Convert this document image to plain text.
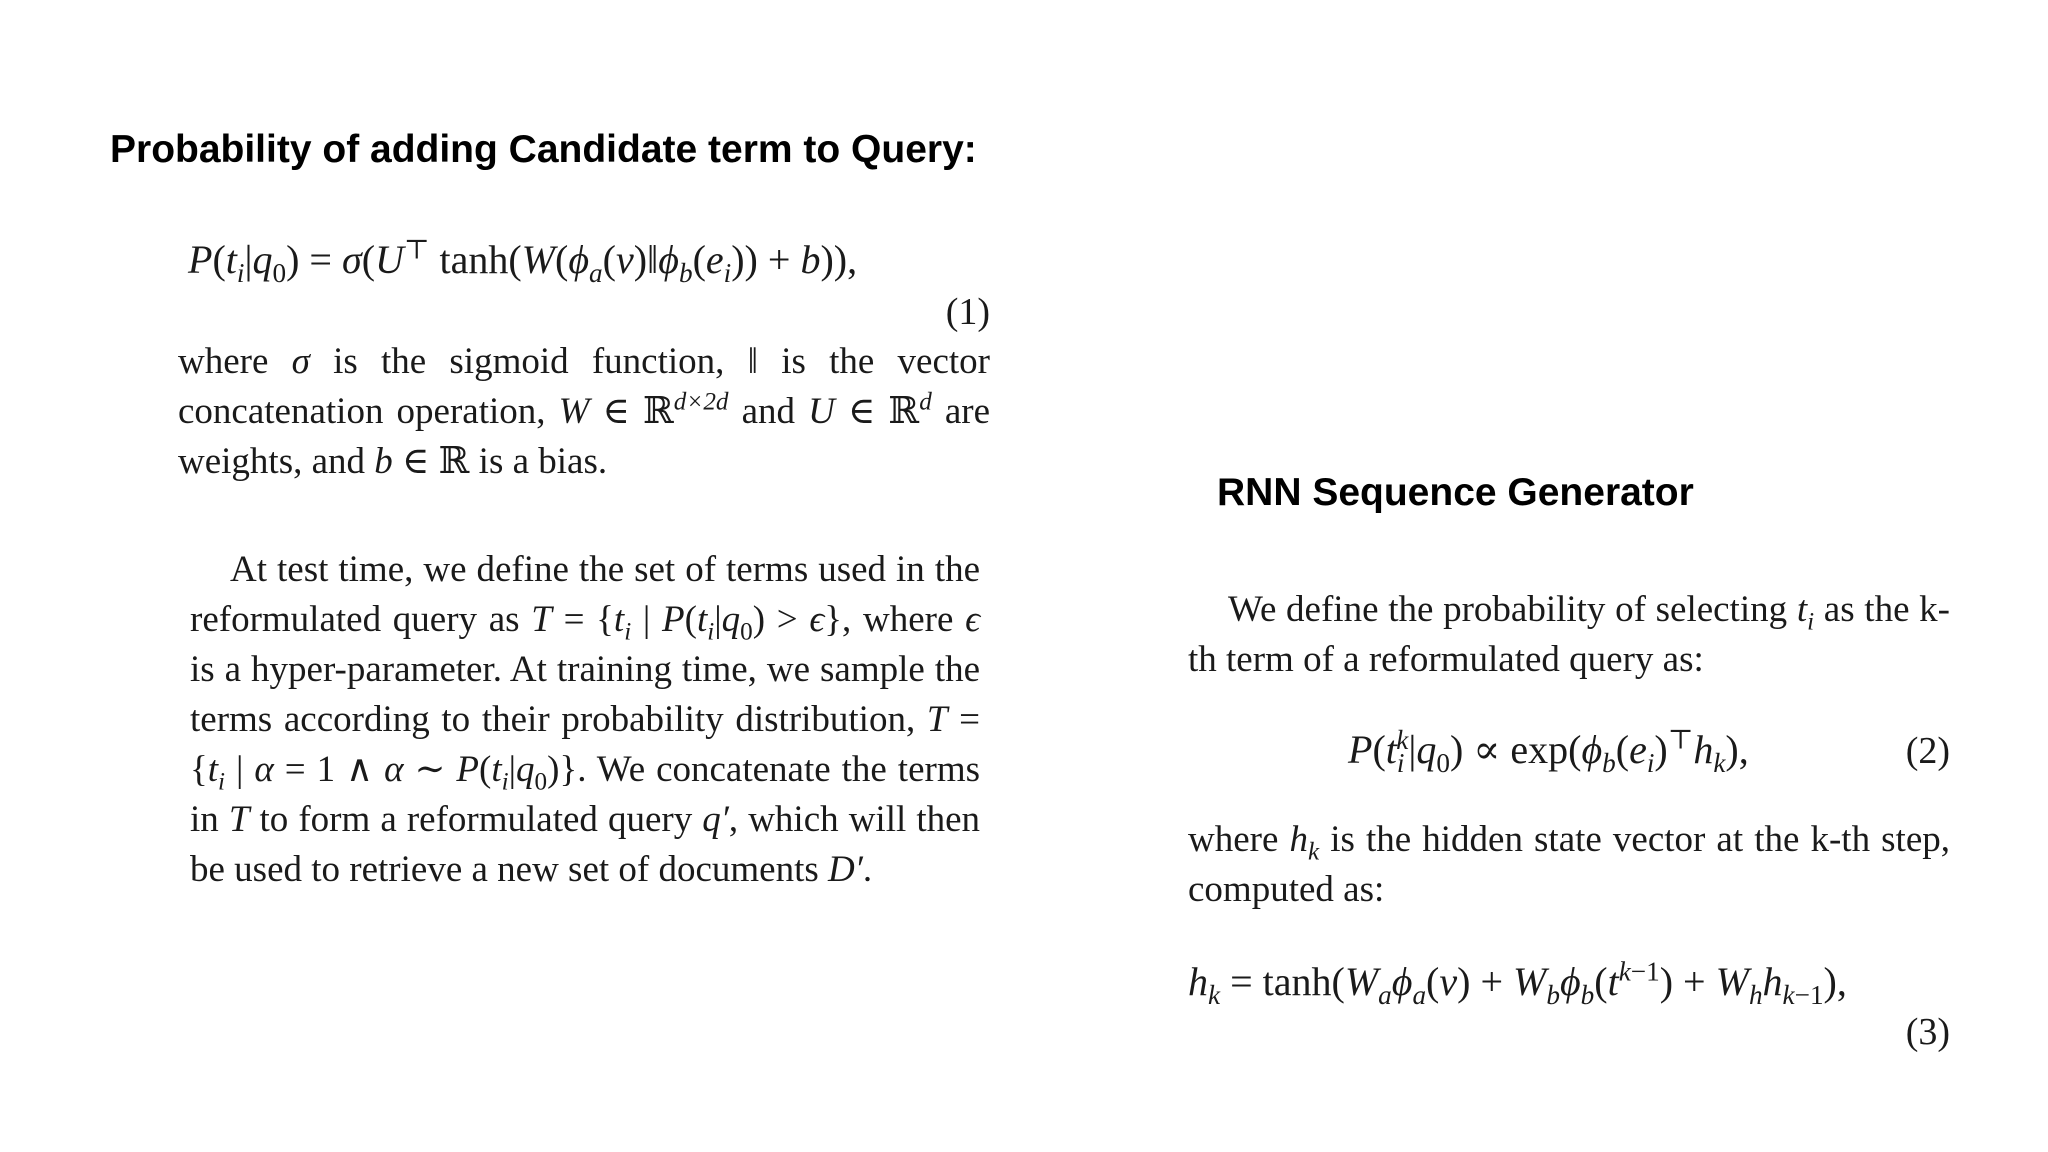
Probability of adding Candidate term to Query:
$P(t_i|q_0) = \sigma(U^⊤$ $\tanh(W(\phi_a(v)‖\phi_b(e_i)) + b)$),
(1)
where σ is the sigmoid function, ‖ is the vector concatenation operation, W ∈ ℝ$^{d\times 2d}$ and U ∈ ℝ$^d$ are weights, and b ∈ ℝ is a bias.
At test time, we define the set of terms used in the reformulated query as $T = \{t_i$ | $P(t_i|q_0) > \epsilon$}, where ϵ is a hyper-parameter. At training time, we sample the terms according to their probability distribution, $T = \{t_i$ | α = 1 ∧ α ∼ $P(t_i|q_0)$}. We concatenate the terms in T to form a reformulated query q′, which will then be used to retrieve a new set of documents D′.
RNN Sequence Generator
We define the probability of selecting $t_i$ as the k-th term of a reformulated query as:
$P(t_i^k|q_0) \propto \exp(\phi_b(e_i)^⊤h_k)$,	(2)
where $h_k$ is the hidden state vector at the k-th step, computed as:
$h_k = \tanh(W_a\phi_a(v) + W_b\phi_b(t^{k-1}) + W_hh_{k-1})$,
(3)
